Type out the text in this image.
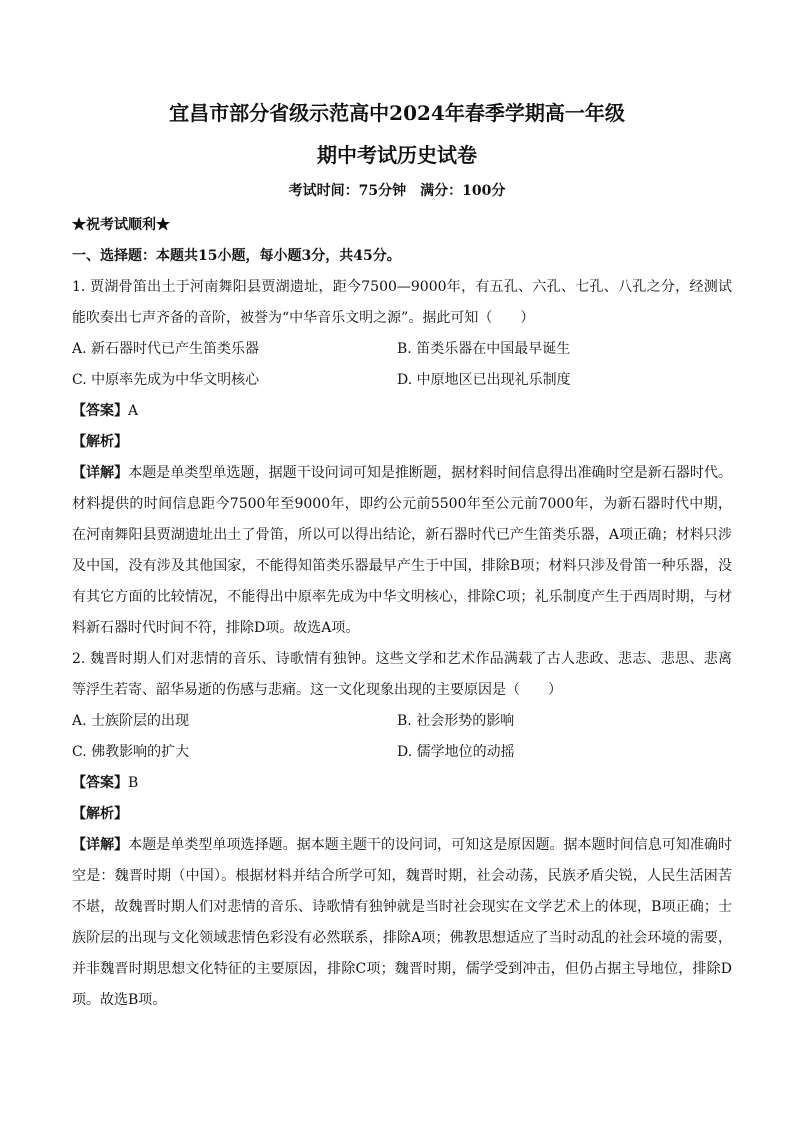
宜昌市部分省级示范高中2024年春季学期高一年级
期中考试历史试卷
考试时间：75分钟 满分：100分
★祝考试顺利★
一、选择题：本题共15小题，每小题3分，共45分。
1. 贾湖骨笛出土于河南舞阳县贾湖遗址，距今7500—9000年，有五孔、六孔、七孔、八孔之分，经测试能吹奏出七声齐备的音阶，被誉为“中华音乐文明之源”。据此可知（　　）
A. 新石器时代已产生笛类乐器	B. 笛类乐器在中国最早诞生
C. 中原率先成为中华文明核心	D. 中原地区已出现礼乐制度
【答案】A
【解析】
【详解】本题是单类型单选题，据题干设问词可知是推断题，据材料时间信息得出准确时空是新石器时代。材料提供的时间信息距今7500年至9000年，即约公元前5500年至公元前7000年，为新石器时代中期，在河南舞阳县贾湖遗址出土了骨笛，所以可以得出结论，新石器时代已产生笛类乐器，A项正确；材料只涉及中国，没有涉及其他国家，不能得知笛类乐器最早产生于中国，排除B项；材料只涉及骨笛一种乐器，没有其它方面的比较情况，不能得出中原率先成为中华文明核心，排除C项；礼乐制度产生于西周时期，与材料新石器时代时间不符，排除D项。故选A项。
2. 魏晋时期人们对悲情的音乐、诗歌情有独钟。这些文学和艺术作品满载了古人悲政、悲志、悲思、悲离等浮生若寄、韶华易逝的伤感与悲痛。这一文化现象出现的主要原因是（　　）
A. 士族阶层的出现	B. 社会形势的影响
C. 佛教影响的扩大	D. 儒学地位的动摇
【答案】B
【解析】
【详解】本题是单类型单项选择题。据本题主题干的设问词，可知这是原因题。据本题时间信息可知准确时空是：魏晋时期（中国）。根据材料并结合所学可知，魏晋时期，社会动荡，民族矛盾尖锐，人民生活困苦不堪，故魏晋时期人们对悲情的音乐、诗歌情有独钟就是当时社会现实在文学艺术上的体现，B项正确；士族阶层的出现与文化领域悲情色彩没有必然联系，排除A项；佛教思想适应了当时动乱的社会环境的需要，并非魏晋时期思想文化特征的主要原因，排除C项；魏晋时期，儒学受到冲击，但仍占据主导地位，排除D项。故选B项。
